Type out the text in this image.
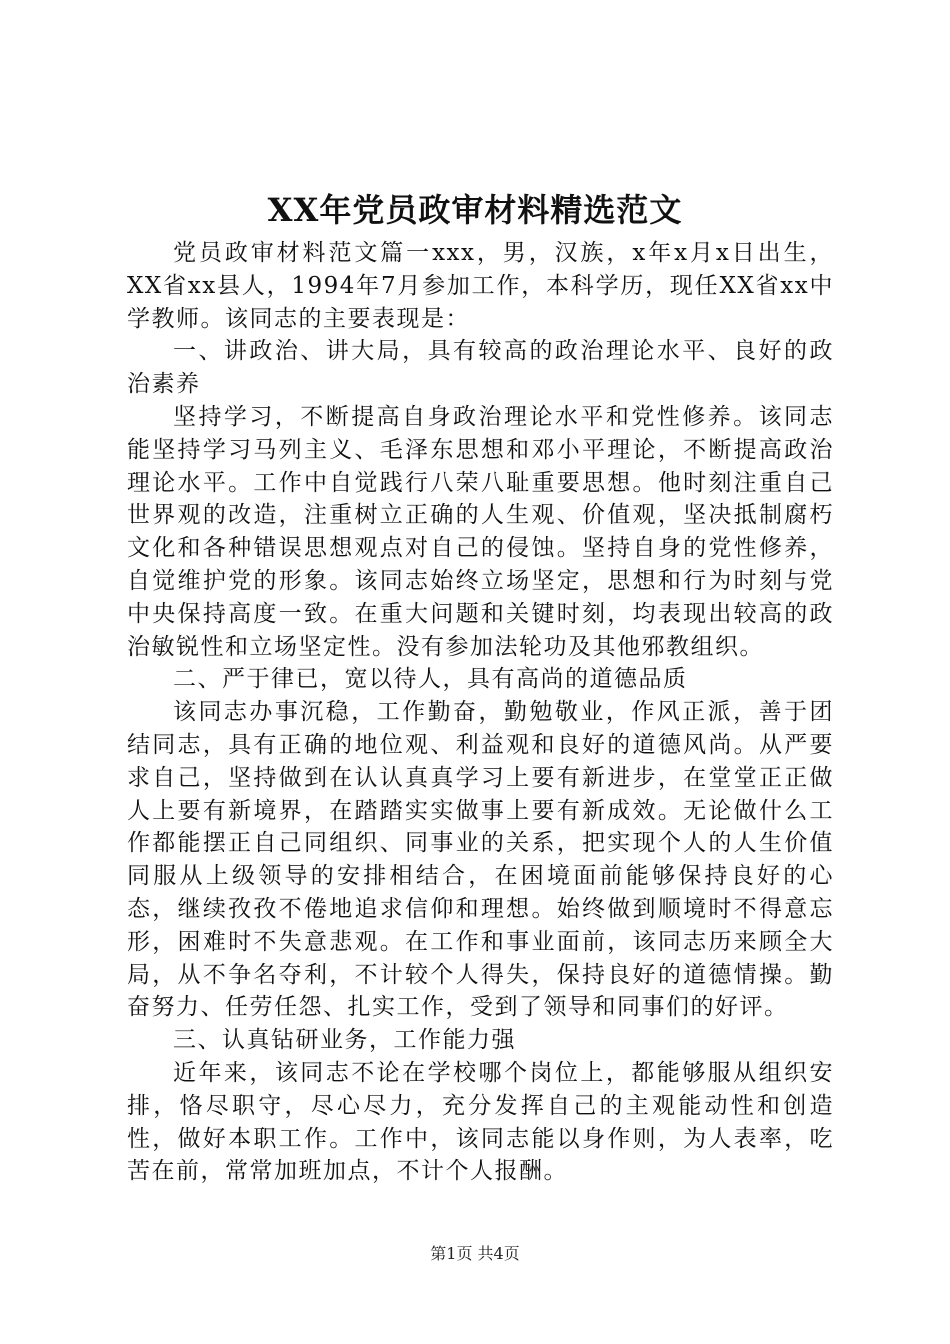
XX年党员政审材料精选范文

党员政审材料范文篇一xxx，男，汉族，x年x月x日出生，XX省xx县人，1994年7月参加工作，本科学历，现任XX省xx中学教师。该同志的主要表现是：

一、讲政治、讲大局，具有较高的政治理论水平、良好的政治素养

坚持学习，不断提高自身政治理论水平和党性修养。该同志能坚持学习马列主义、毛泽东思想和邓小平理论，不断提高政治理论水平。工作中自觉践行八荣八耻重要思想。他时刻注重自己世界观的改造，注重树立正确的人生观、价值观，坚决抵制腐朽文化和各种错误思想观点对自己的侵蚀。坚持自身的党性修养，自觉维护党的形象。该同志始终立场坚定，思想和行为时刻与党中央保持高度一致。在重大问题和关键时刻，均表现出较高的政治敏锐性和立场坚定性。没有参加法轮功及其他邪教组织。

二、严于律已，宽以待人，具有高尚的道德品质

该同志办事沉稳，工作勤奋，勤勉敬业，作风正派，善于团结同志，具有正确的地位观、利益观和良好的道德风尚。从严要求自己，坚持做到在认认真真学习上要有新进步，在堂堂正正做人上要有新境界，在踏踏实实做事上要有新成效。无论做什么工作都能摆正自己同组织、同事业的关系，把实现个人的人生价值同服从上级领导的安排相结合，在困境面前能够保持良好的心态，继续孜孜不倦地追求信仰和理想。始终做到顺境时不得意忘形，困难时不失意悲观。在工作和事业面前，该同志历来顾全大局，从不争名夺利，不计较个人得失，保持良好的道德情操。勤奋努力、任劳任怨、扎实工作，受到了领导和同事们的好评。

三、认真钻研业务，工作能力强

近年来，该同志不论在学校哪个岗位上，都能够服从组织安排，恪尽职守，尽心尽力，充分发挥自己的主观能动性和创造性，做好本职工作。工作中，该同志能以身作则，为人表率，吃苦在前，常常加班加点，不计个人报酬。

第1页 共4页
